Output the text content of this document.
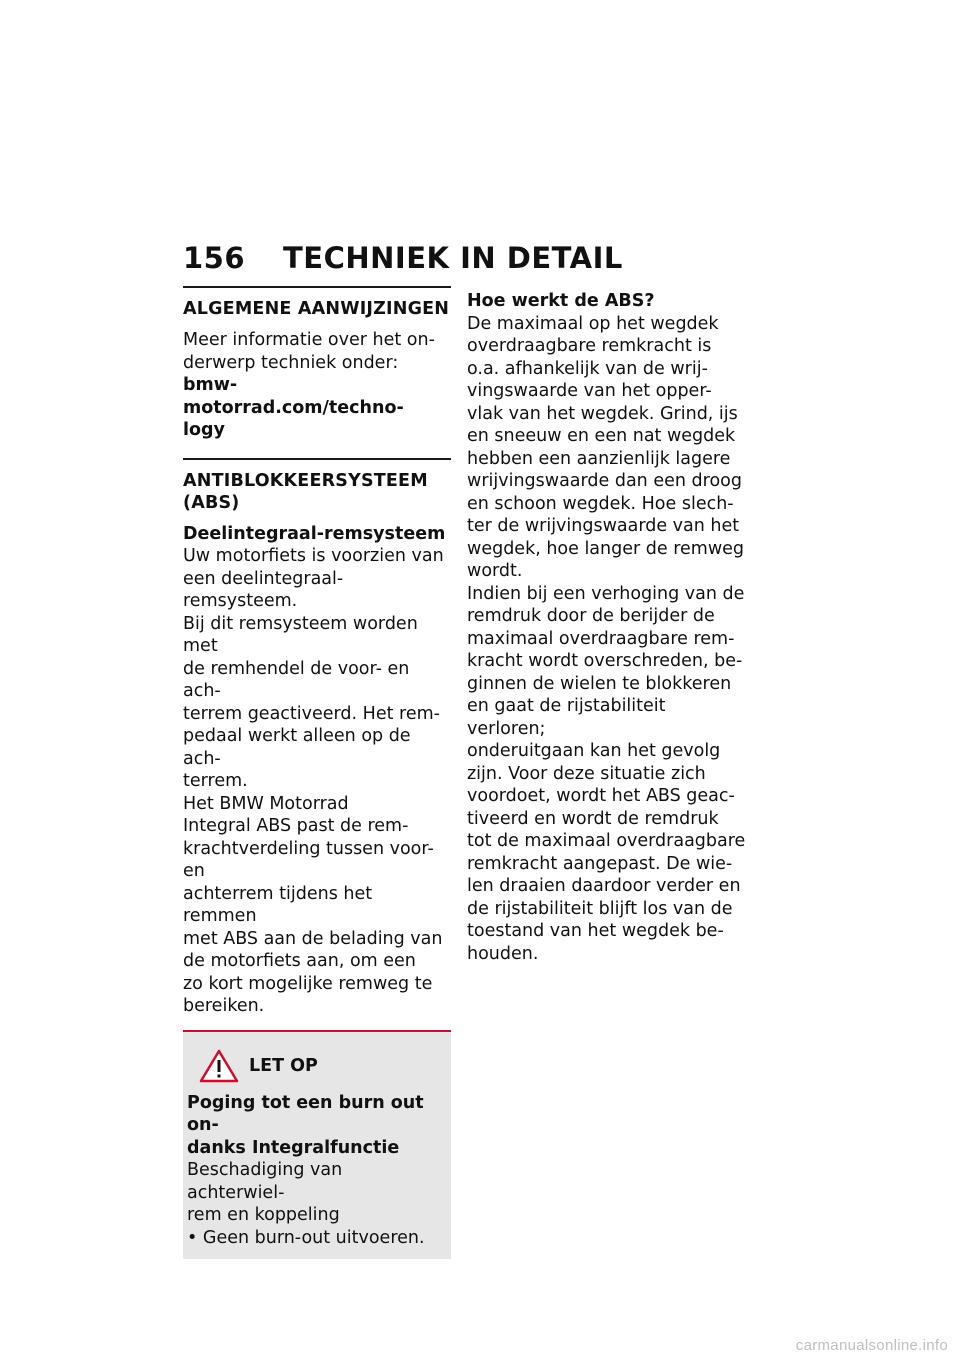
156 TECHNIEK IN DETAIL
ALGEMENE AANWIJZINGEN
Meer informatie over het on-
derwerp techniek onder:
bmw-motorrad.com/techno-
logy
ANTIBLOKKEERSYSTEEM
(ABS)
Deelintegraal-remsysteem
Uw motorfiets is voorzien van
een deelintegraal-remsysteem.
Bij dit remsysteem worden met
de remhendel de voor- en ach-
terrem geactiveerd. Het rem-
pedaal werkt alleen op de ach-
terrem.
Het BMW Motorrad
Integral ABS past de rem-
krachtverdeling tussen voor- en
achterrem tijdens het remmen
met ABS aan de belading van
de motorfiets aan, om een
zo kort mogelijke remweg te
bereiken.
LET OP
Poging tot een burn out on-
danks Integralfunctie
Beschadiging van achterwiel-
rem en koppeling
• Geen burn-out uitvoeren.
Hoe werkt de ABS?
De maximaal op het wegdek
overdraagbare remkracht is
o.a. afhankelijk van de wrij-
vingswaarde van het opper-
vlak van het wegdek. Grind, ijs
en sneeuw en een nat wegdek
hebben een aanzienlijk lagere
wrijvingswaarde dan een droog
en schoon wegdek. Hoe slech-
ter de wrijvingswaarde van het
wegdek, hoe langer de remweg
wordt.
Indien bij een verhoging van de
remdruk door de berijder de
maximaal overdraagbare rem-
kracht wordt overschreden, be-
ginnen de wielen te blokkeren
en gaat de rijstabiliteit verloren;
onderuitgaan kan het gevolg
zijn. Voor deze situatie zich
voordoet, wordt het ABS geac-
tiveerd en wordt de remdruk
tot de maximaal overdraagbare
remkracht aangepast. De wie-
len draaien daardoor verder en
de rijstabiliteit blijft los van de
toestand van het wegdek be-
houden.
carmanualsonline.info
